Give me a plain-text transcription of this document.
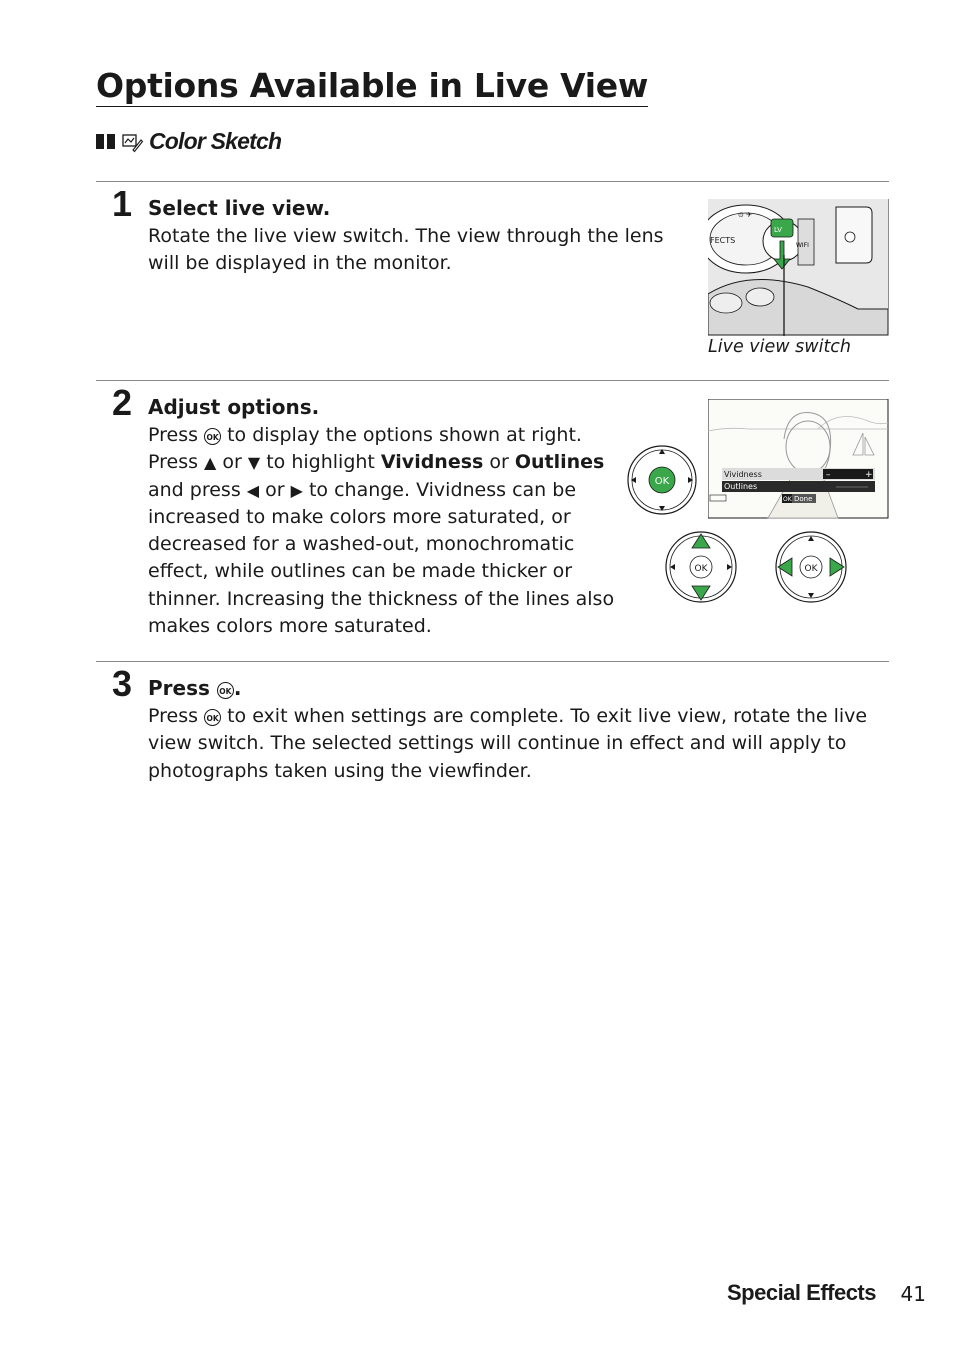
Options Available in Live View
Color Sketch
1 Select live view.
Rotate the live view switch. The view through the lens will be displayed in the monitor.
FECTS
⊙ ✈
LV
WIFI
Live view switch
2 Adjust options.
Press OK to display the options shown at right.
Press ▲ or ▼ to highlight Vividness or Outlines
and press ◀ or ▶ to change. Vividness can be
increased to make colors more saturated, or
decreased for a washed-out, monochromatic
effect, while outlines can be made thicker or
thinner. Increasing the thickness of the lines also
makes colors more saturated.
OK
Vividness	–	+
Outlines
OK Done
OK	OK
3 Press OK .
Press OK to exit when settings are complete. To exit live view, rotate the live
view switch. The selected settings will continue in effect and will apply to
photographs taken using the viewfinder.
Special Effects 41
